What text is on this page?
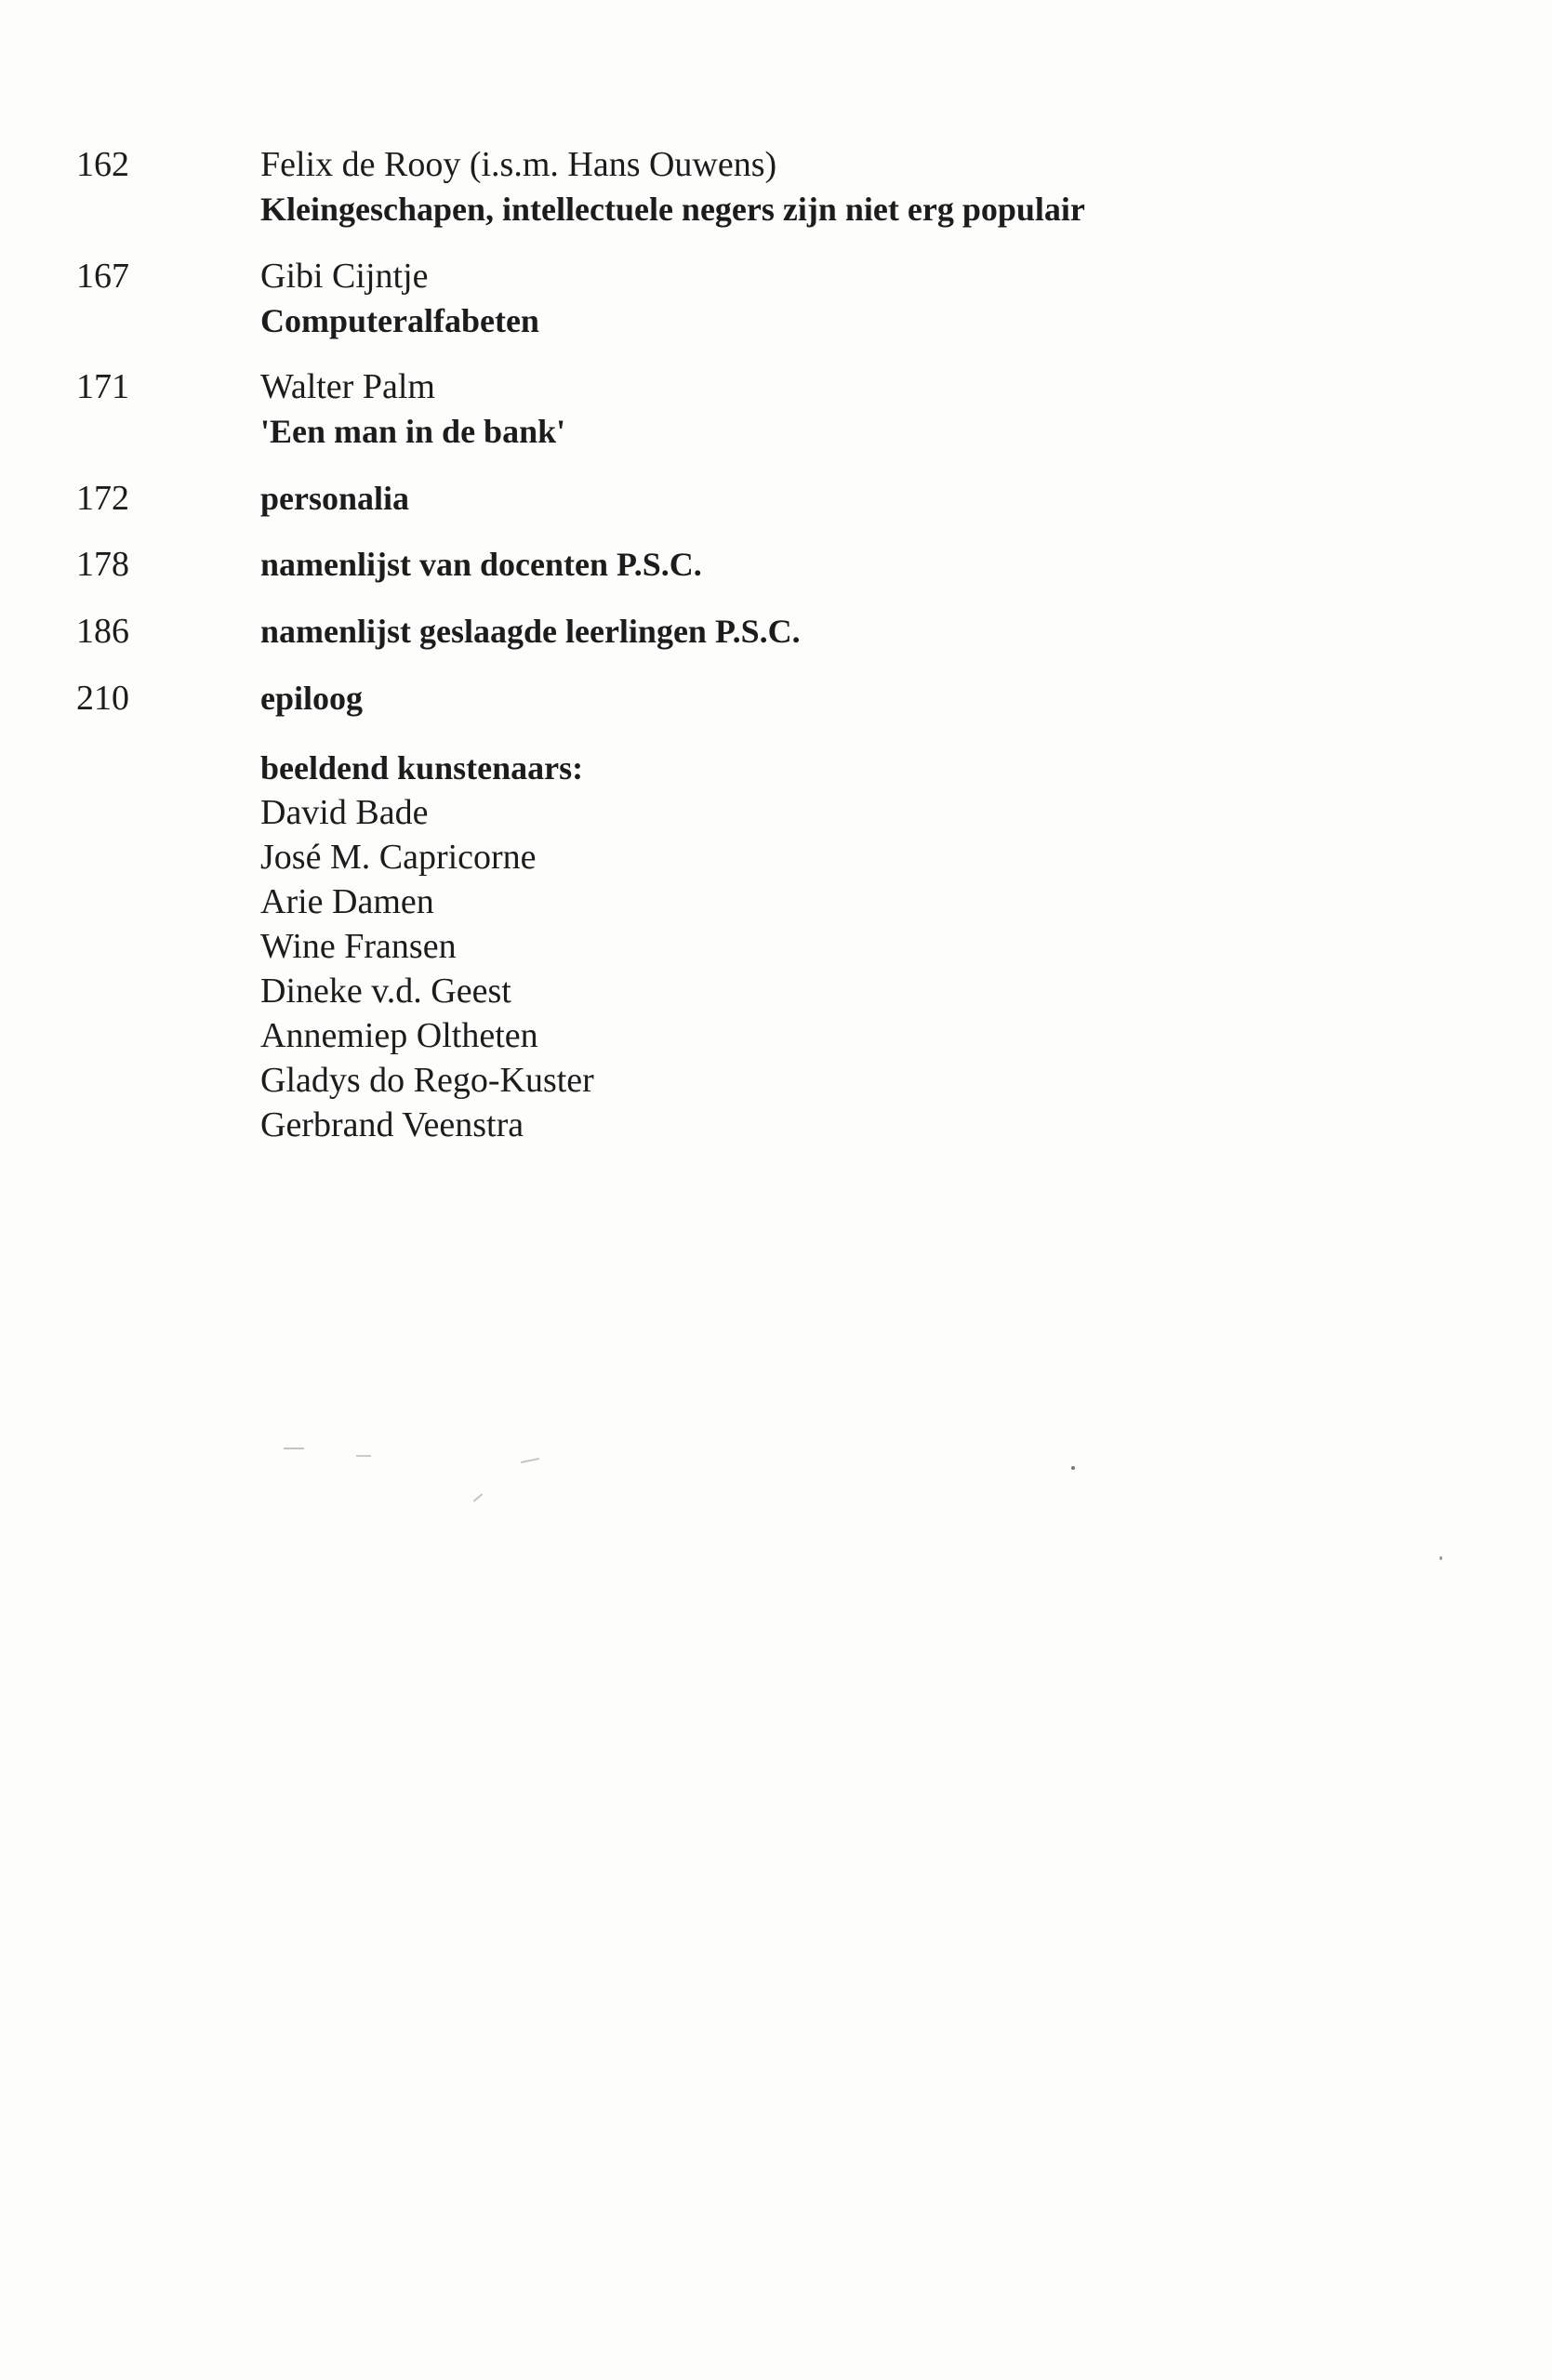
162	Felix de Rooy (i.s.m. Hans Ouwens)
Kleingeschapen, intellectuele negers zijn niet erg populair
167	Gibi Cijntje
Computeralfabeten
171	Walter Palm
'Een man in de bank'
172	personalia
178	namenlijst van docenten P.S.C.
186	namenlijst geslaagde leerlingen P.S.C.
210	epiloog
beeldend kunstenaars:
David Bade
José M. Capricorne
Arie Damen
Wine Fransen
Dineke v.d. Geest
Annemiep Oltheten
Gladys do Rego-Kuster
Gerbrand Veenstra
